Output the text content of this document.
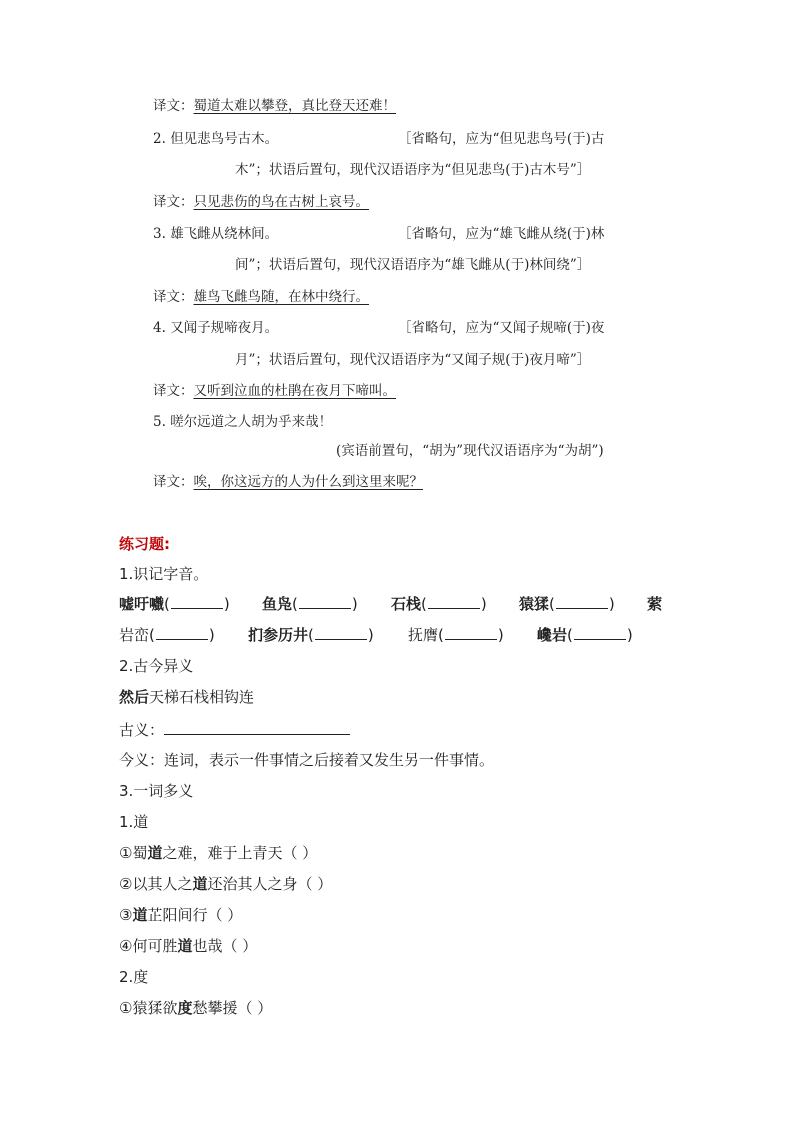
译文：蜀道太难以攀登，真比登天还难！
2. 但见悲鸟号古木。	［省略句，应为“但见悲鸟号(于)古
木”；状语后置句，现代汉语语序为“但见悲鸟(于)古木号”］
译文：只见悲伤的鸟在古树上哀号。
3. 雄飞雌从绕林间。	［省略句，应为“雄飞雌从绕(于)林
间”；状语后置句，现代汉语语序为“雄飞雌从(于)林间绕”］
译文：雄鸟飞雌鸟随，在林中绕行。
4. 又闻子规啼夜月。	［省略句，应为“又闻子规啼(于)夜
月”；状语后置句，现代汉语语序为“又闻子规(于)夜月啼”］
译文：又听到泣血的杜鹃在夜月下啼叫。
5. 嗟尔远道之人胡为乎来哉！
(宾语前置句，“胡为”现代汉语语序为“为胡”)
译文：唉，你这远方的人为什么到这里来呢？
练习题:
1.识记字音。
嘘吁嚱(	) 鱼凫(	) 石栈(	) 猿猱(	) 萦
岩峦(	) 扪参历井(	) 抚膺(	) 巉岩(	)
2.古今异义
然后天梯石栈相钩连
古义：
今义：连词，表示一件事情之后接着又发生另一件事情。
3.一词多义
1.道
①蜀道之难，难于上青天（ ）
②以其人之道还治其人之身（ ）
③道芷阳间行（ ）
④何可胜道也哉（ ）
2.度
①猿猱欲度愁攀援（ ）
